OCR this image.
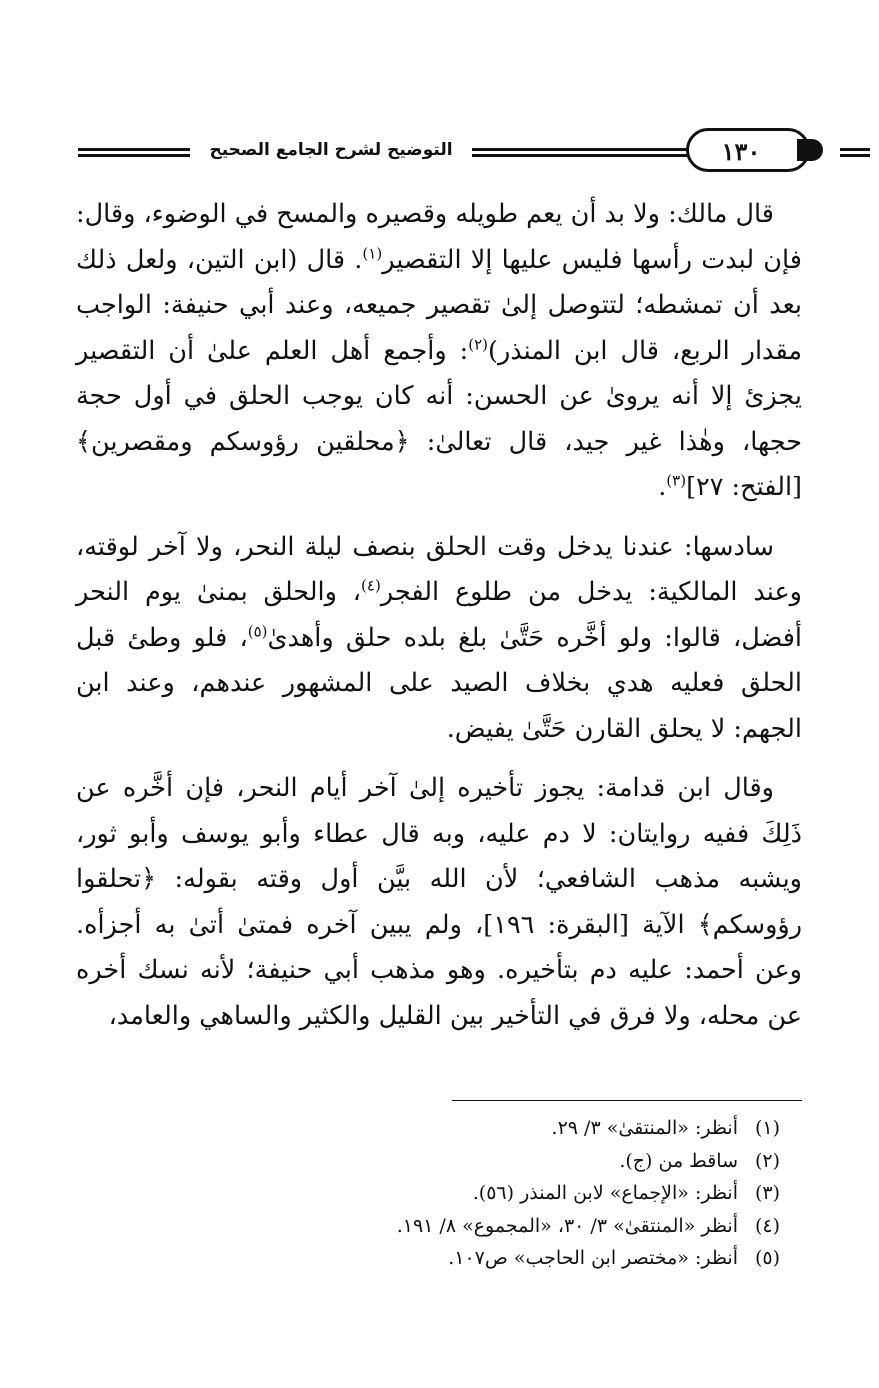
التوضيح لشرح الجامع الصحيح	١٣٠

قال مالك: ولا بد أن يعم طويله وقصيره والمسح في الوضوء، وقال: فإن لبدت رأسها فليس عليها إلا التقصير$^{(١)}$. قال (ابن التين، ولعل ذلك بعد أن تمشطه؛ لتتوصل إلىٰ تقصير جميعه، وعند أبي حنيفة: الواجب مقدار الربع، قال ابن المنذر)$^{(٢)}$: وأجمع أهل العلم علىٰ أن التقصير يجزئ إلا أنه يروىٰ عن الحسن: أنه كان يوجب الحلق في أول حجة حجها، وهٰذا غير جيد، قال تعالىٰ: ﴿محلقين رؤوسكم ومقصرين﴾ [الفتح: ٢٧]$^{(٣)}$.

سادسها: عندنا يدخل وقت الحلق بنصف ليلة النحر، ولا آخر لوقته، وعند المالكية: يدخل من طلوع الفجر$^{(٤)}$، والحلق بمنىٰ يوم النحر أفضل، قالوا: ولو أخَّره حَتَّىٰ بلغ بلده حلق وأهدىٰ$^{(٥)}$، فلو وطئ قبل الحلق فعليه هدي بخلاف الصيد على المشهور عندهم، وعند ابن الجهم: لا يحلق القارن حَتَّىٰ يفيض.

وقال ابن قدامة: يجوز تأخيره إلىٰ آخر أيام النحر، فإن أخَّره عن ذَلِكَ ففيه روايتان: لا دم عليه، وبه قال عطاء وأبو يوسف وأبو ثور، ويشبه مذهب الشافعي؛ لأن الله بيَّن أول وقته بقوله: ﴿تحلقوا رؤوسكم﴾ الآية [البقرة: ١٩٦]، ولم يبين آخره فمتىٰ أتىٰ به أجزأه. وعن أحمد: عليه دم بتأخيره. وهو مذهب أبي حنيفة؛ لأنه نسك أخره عن محله، ولا فرق في التأخير بين القليل والكثير والساهي والعامد،

(١)أنظر: «المنتقىٰ» ٣/ ٢٩.
(٢)ساقط من (ج).
(٣)أنظر: «الإجماع» لابن المنذر (٥٦).
(٤)أنظر «المنتقىٰ» ٣/ ٣٠، «المجموع» ٨/ ١٩١.
(٥)أنظر: «مختصر ابن الحاجب» ص١٠٧.
